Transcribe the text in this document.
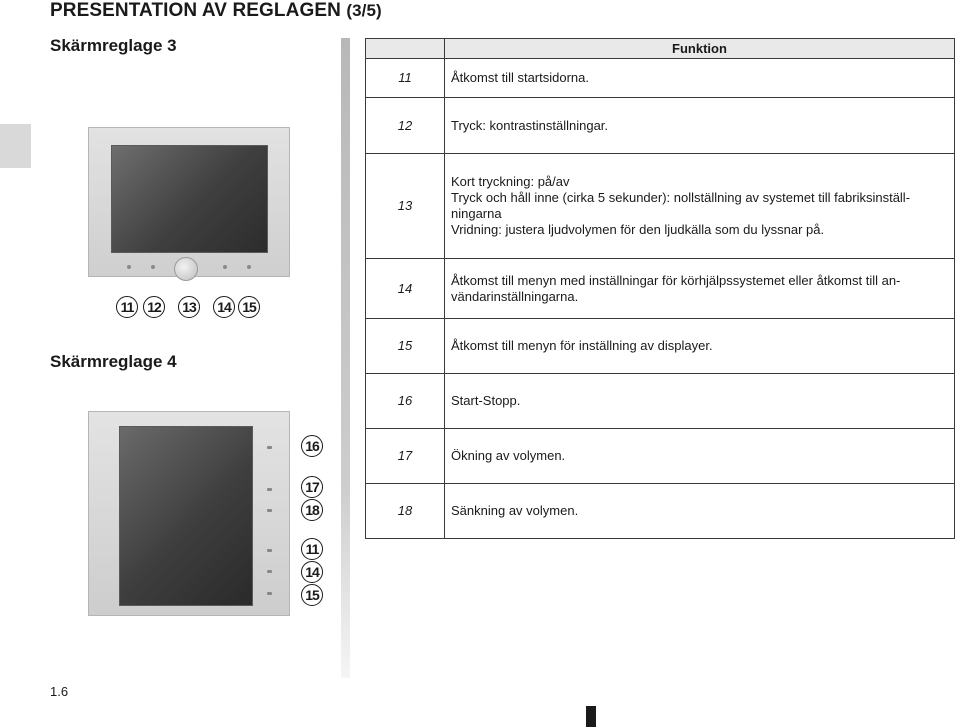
PRESENTATION AV REGLAGEN (3/5)
Skärmreglage 3
Skärmreglage 4
11 12	13	14 15
16
17
18
11
14
15
	Funktion
11	Åtkomst till startsidorna.

12	Tryck: kontrastinställningar.

13	Kort tryckning: på/av
Tryck och håll inne (cirka 5 sekunder): nollställning av systemet till fabriksinställ-
ningarna
Vridning: justera ljudvolymen för den ljudkälla som du lyssnar på.

14	Åtkomst till menyn med inställningar för körhjälpssystemet eller åtkomst till an-
vändarinställningarna.

15	Åtkomst till menyn för inställning av displayer.

16	Start-Stopp.

17	Ökning av volymen.

18	Sänkning av volymen.
1.6
